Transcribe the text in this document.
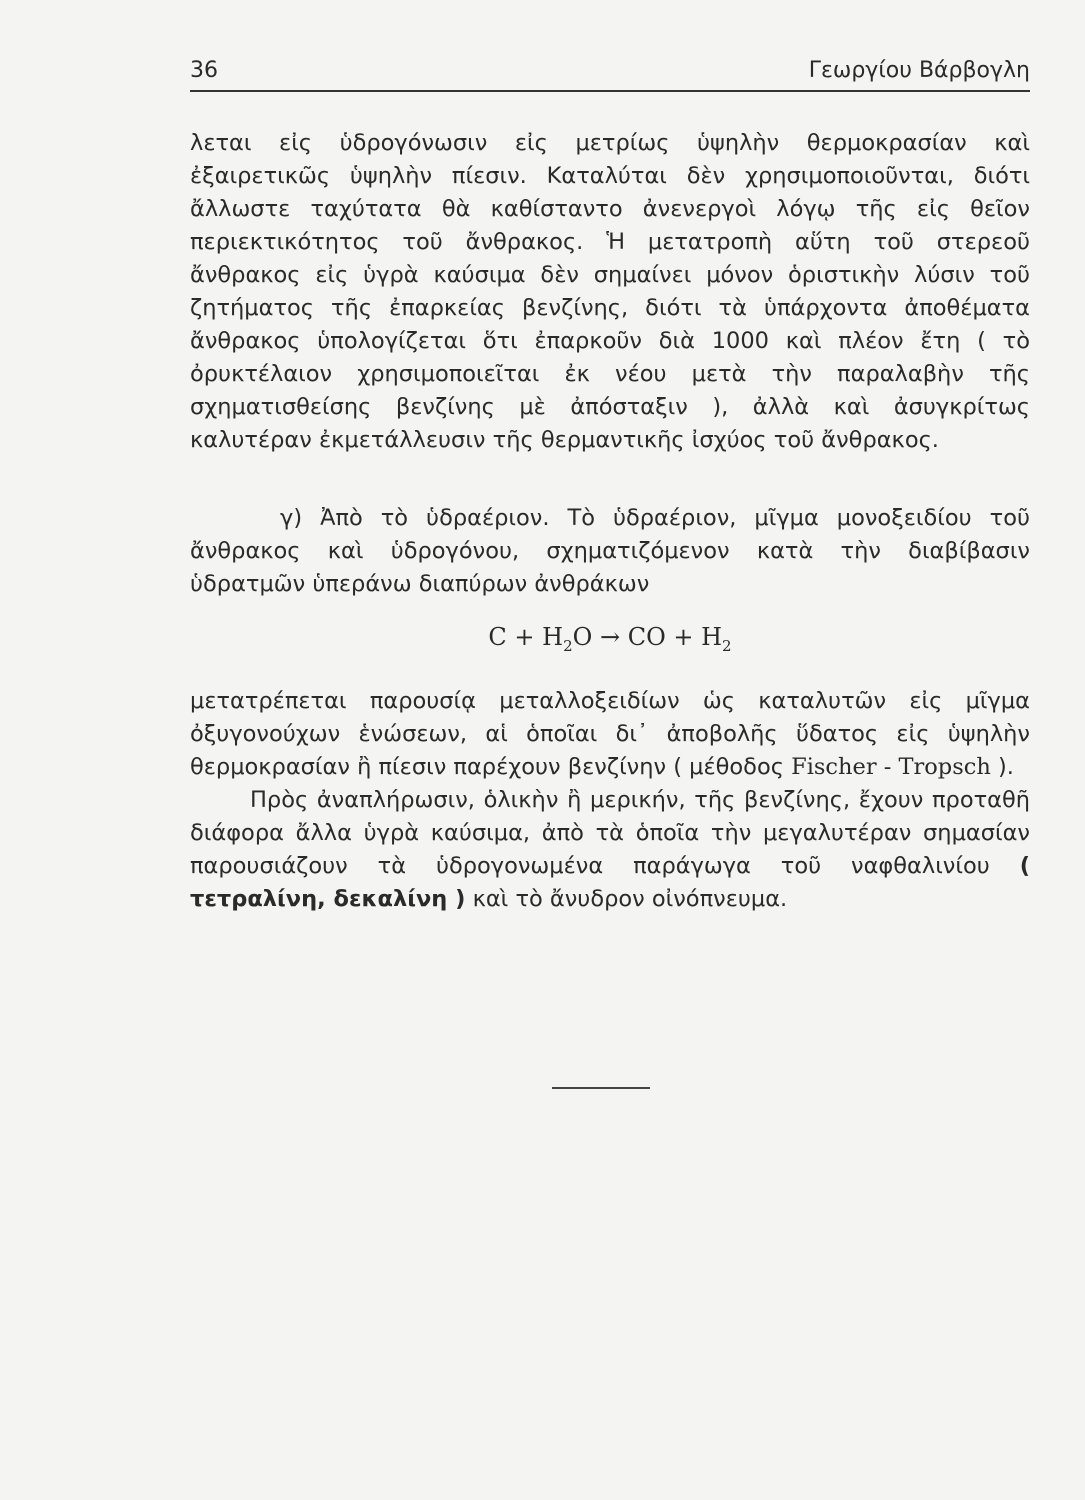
36	Γεωργίου Βάρβογλη

λεται εἰς ὑδρογόνωσιν εἰς μετρίως ὑψηλὴν θερμοκρασίαν καὶ ἐξαιρετικῶς ὑψηλὴν πίεσιν. Καταλύται δὲν χρησιμοποιοῦνται, διότι ἄλλωστε ταχύτατα θὰ καθίσταντο ἀνενεργοὶ λόγῳ τῆς εἰς θεῖον περιεκτικότητος τοῦ ἄνθρακος. Ἡ μετατροπὴ αὕτη τοῦ στερεοῦ ἄνθρακος εἰς ὑγρὰ καύσιμα δὲν σημαίνει μόνον ὁριστικὴν λύσιν τοῦ ζητήματος τῆς ἐπαρκείας βενζίνης, διότι τὰ ὑπάρχοντα ἀποθέματα ἄνθρακος ὑπολογίζεται ὅτι ἐπαρκοῦν διὰ 1000 καὶ πλέον ἔτη ( τὸ ὀρυκτέλαιον χρησιμοποιεῖται ἐκ νέου μετὰ τὴν παραλαβὴν τῆς σχηματισθείσης βενζίνης μὲ ἀπόσταξιν ), ἀλλὰ καὶ ἀσυγκρίτως καλυτέραν ἐκμετάλλευσιν τῆς θερμαντικῆς ἰσχύος τοῦ ἄνθρακος.

γ) Ἀπὸ τὸ ὑδραέριον. Τὸ ὑδραέριον, μῖγμα μονοξειδίου τοῦ ἄνθρακος καὶ ὑδρογόνου, σχηματιζόμενον κατὰ τὴν διαβίβασιν ὑδρατμῶν ὑπεράνω διαπύρων ἀνθράκων

$C + H_2O$ → CO + $H_2$

μετατρέπεται παρουσίᾳ μεταλλοξειδίων ὡς καταλυτῶν εἰς μῖγμα ὀξυγονούχων ἑνώσεων, αἱ ὁποῖαι δι᾽ ἀποβολῆς ὕδατος εἰς ὑψηλὴν θερμοκρασίαν ἢ πίεσιν παρέχουν βενζίνην ( μέθοδος Fischer - Tropsch ).

Πρὸς ἀναπλήρωσιν, ὁλικὴν ἢ μερικήν, τῆς βενζίνης, ἔχουν προταθῆ διάφορα ἄλλα ὑγρὰ καύσιμα, ἀπὸ τὰ ὁποῖα τὴν μεγαλυτέραν σημασίαν παρουσιάζουν τὰ ὑδρογονωμένα παράγωγα τοῦ ναφθαλινίου ( τετραλίνη, δεκαλίνη ) καὶ τὸ ἄνυδρον οἰνόπνευμα.
